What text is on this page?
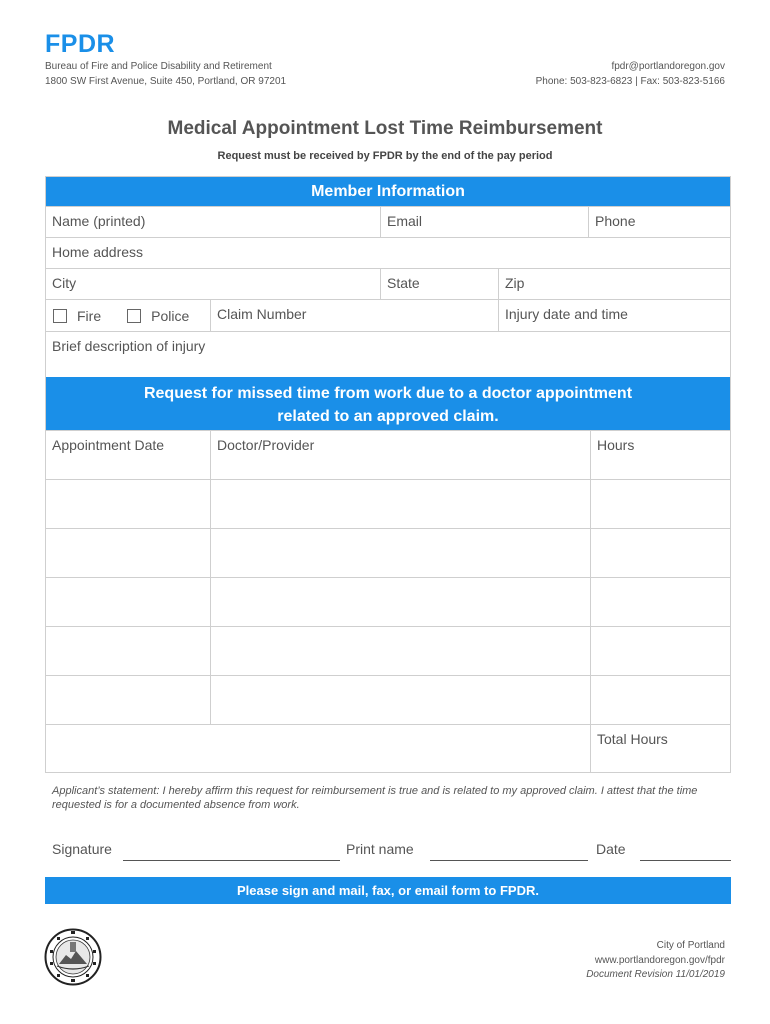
FPDR
Bureau of Fire and Police Disability and Retirement
1800 SW First Avenue, Suite 450, Portland, OR 97201
fpdr@portlandoregon.gov
Phone: 503-823-6823 | Fax: 503-823-5166
Medical Appointment Lost Time Reimbursement
Request must be received by FPDR by the end of the pay period
Member Information
Name (printed)	Email	Phone
Home address
City	State	Zip
Fire	Police	Claim Number	Injury date and time
Brief description of injury
Request for missed time from work due to a doctor appointment
related to an approved claim.
Appointment Date	Doctor/Provider	Hours
Total Hours
Applicant’s statement: I hereby affirm this request for reimbursement is true and is related to my approved claim. I attest that the time requested is for a documented absence from work.
Signature	Print name	Date
Please sign and mail, fax, or email form to FPDR.
City of Portland
www.portlandoregon.gov/fpdr
Document Revision 11/01/2019
